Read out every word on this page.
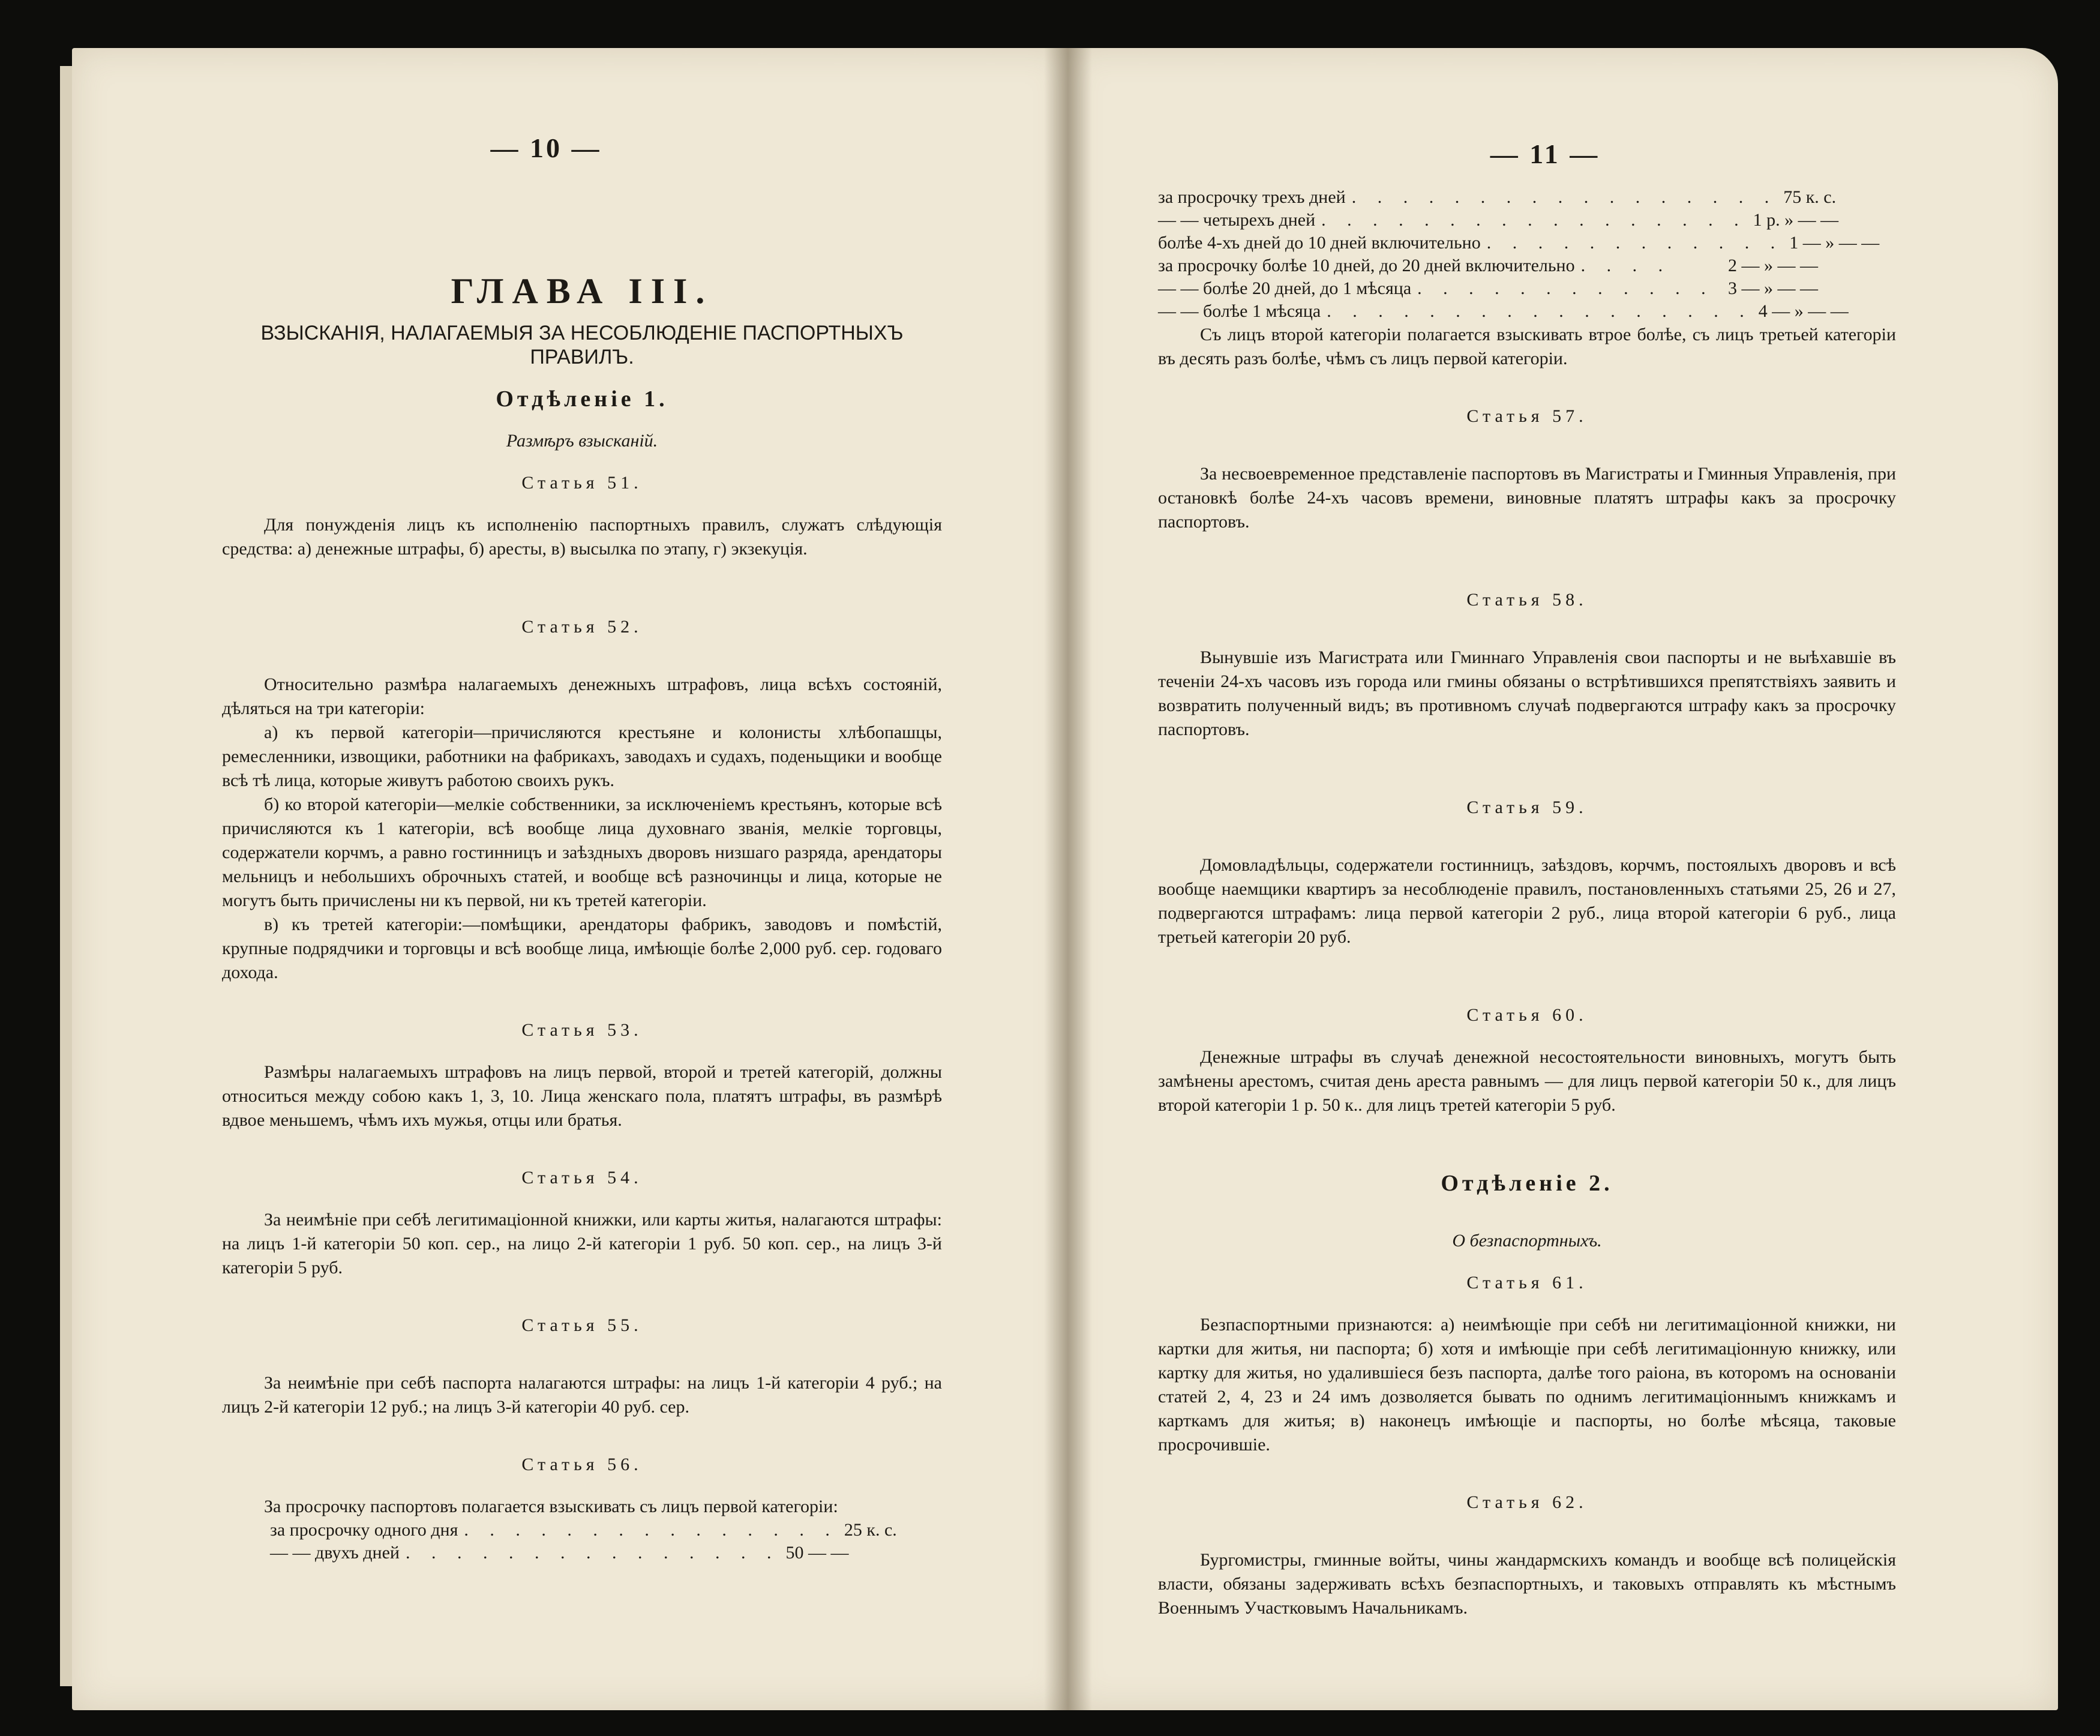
— 10 —
ГЛАВА III.
ВЗЫСКАНІЯ, НАЛАГАЕМЫЯ ЗА НЕСОБЛЮДЕНІЕ ПАСПОРТНЫХЪ ПРАВИЛЪ.
Отдѣленіе 1.
Размѣръ взысканій.
Статья 51.

Для понужденія лицъ къ исполненію паспортныхъ правилъ, служатъ слѣдующія средства: а) денежные штрафы, б) аресты, в) высылка по этапу, г) экзекуція.

Статья 52.

Относительно размѣра налагаемыхъ денежныхъ штрафовъ, лица всѣхъ состояній, дѣляться на три категоріи:

а) къ первой категоріи—причисляются крестьяне и колонисты хлѣбопашцы, ремесленники, извощики, работники на фабрикахъ, заводахъ и судахъ, поденьщики и вообще всѣ тѣ лица, которые живутъ работою своихъ рукъ.

б) ко второй категоріи—мелкіе собственники, за исключеніемъ крестьянъ, которые всѣ причисляются къ 1 категоріи, всѣ вообще лица духовнаго званія, мелкіе торговцы, содержатели корчмъ, а равно гостинницъ и заѣздныхъ дворовъ низшаго разряда, арендаторы мельницъ и небольшихъ оброчныхъ статей, и вообще всѣ разночинцы и лица, которые не могутъ быть причислены ни къ первой, ни къ третей категоріи.

в) къ третей категоріи:—помѣщики, арендаторы фабрикъ, заводовъ и помѣстій, крупные подрядчики и торговцы и всѣ вообще лица, имѣющіе болѣе 2,000 руб. сер. годоваго дохода.

Статья 53.

Размѣры налагаемыхъ штрафовъ на лицъ первой, второй и третей категорій, должны относиться между собою какъ 1, 3, 10. Лица женскаго пола, платятъ штрафы, въ размѣрѣ вдвое меньшемъ, чѣмъ ихъ мужья, отцы или братья.

Статья 54.

За неимѣніе при себѣ легитимаціонной книжки, или карты житья, налагаются штрафы: на лицъ 1-й категоріи 50 коп. сер., на лицо 2-й категоріи 1 руб. 50 коп. сер., на лицъ 3-й категоріи 5 руб.

Статья 55.

За неимѣніе при себѣ паспорта налагаются штрафы: на лицъ 1-й категоріи 4 руб.; на лицъ 2-й категоріи 12 руб.; на лицъ 3-й категоріи 40 руб. сер.

Статья 56.

За просрочку паспортовъ полагается взыскивать съ лицъ первой категоріи:

за просрочку одного дня . . . . . . . . . . . . . . . 25 к. с.
— — двухъ дней . . . . . . . . . . . . . . . 50 — —
— 11 —
за просрочку трехъ дней . . . . . . . . . . . . . . . . . 75 к. с.
— — четырехъ дней . . . . . . . . . . . . . . . . . 1 р. » — —
болѣе 4-хъ дней до 10 дней включительно . . . . . . . . . . . . 1 — » — —
за просрочку болѣе 10 дней, до 20 дней включительно . . . .	2 — » — —
— — болѣе 20 дней, до 1 мѣсяца . . . . . . . . . . . . 3 — » — —
— — болѣе 1 мѣсяца . . . . . . . . . . . . . . . . . 4 — » — —

Съ лицъ второй категоріи полагается взыскивать втрое болѣе, съ лицъ третьей категоріи въ десять разъ болѣе, чѣмъ съ лицъ первой категоріи.

Статья 57.

За несвоевременное представленіе паспортовъ въ Магистраты и Гминныя Управленія, при остановкѣ болѣе 24-хъ часовъ времени, виновные платятъ штрафы какъ за просрочку паспортовъ.

Статья 58.

Вынувшіе изъ Магистрата или Гминнаго Управленія свои паспорты и не выѣхавшіе въ теченіи 24-хъ часовъ изъ города или гмины обязаны о встрѣтившихся препятствіяхъ заявить и возвратить полученный видъ; въ противномъ случаѣ подвергаются штрафу какъ за просрочку паспортовъ.

Статья 59.

Домовладѣльцы, содержатели гостинницъ, заѣздовъ, корчмъ, постоялыхъ дворовъ и всѣ вообще наемщики квартиръ за несоблюденіе правилъ, постановленныхъ статьями 25, 26 и 27, подвергаются штрафамъ: лица первой категоріи 2 руб., лица второй категоріи 6 руб., лица третьей категоріи 20 руб.

Статья 60.

Денежные штрафы въ случаѣ денежной несостоятельности виновныхъ, могутъ быть замѣнены арестомъ, считая день ареста равнымъ — для лицъ первой категоріи 50 к., для лицъ второй категоріи 1 р. 50 к.. для лицъ третей категоріи 5 руб.

Отдѣленіе 2.
О безпаспортныхъ.
Статья 61.

Безпаспортными признаются: а) неимѣющіе при себѣ ни легитимаціонной книжки, ни картки для житья, ни паспорта; б) хотя и имѣющіе при себѣ легитимаціонную книжку, или картку для житья, но удалившіеся безъ паспорта, далѣе того раіона, въ которомъ на основаніи статей 2, 4, 23 и 24 имъ дозволяется бывать по однимъ легитимаціоннымъ книжкамъ и карткамъ для житья; в) наконецъ имѣющіе и паспорты, но болѣе мѣсяца, таковые просрочившіе.

Статья 62.

Бургомистры, гминные войты, чины жандармскихъ командъ и вообще всѣ полицейскія власти, обязаны задерживать всѣхъ безпаспортныхъ, и таковыхъ отправлять къ мѣстнымъ Военнымъ Участковымъ Начальникамъ.
